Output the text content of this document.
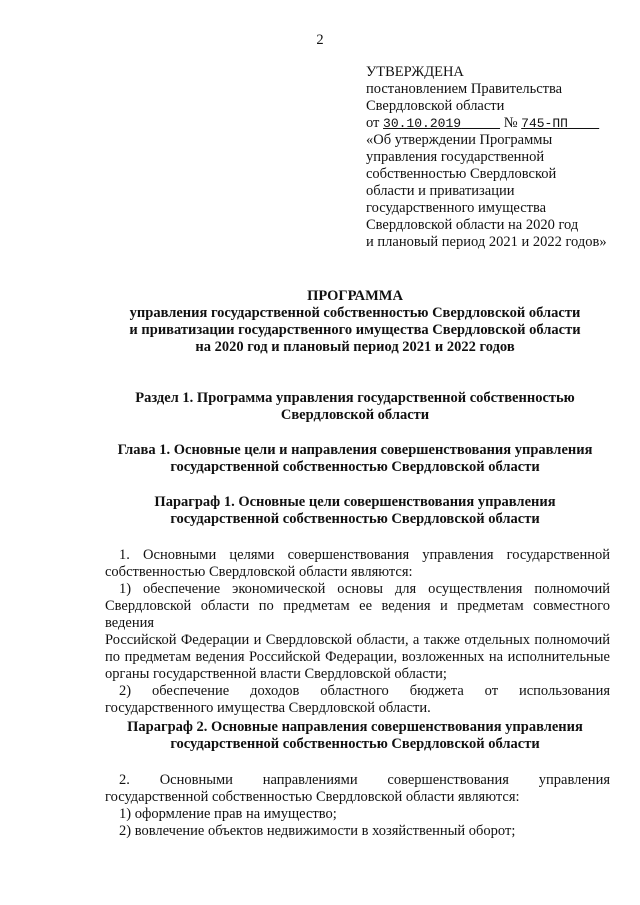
2
УТВЕРЖДЕНА
постановлением Правительства
Свердловской области
от 30.10.2019	№ 745-ПП
«Об утверждении Программы
управления государственной
собственностью Свердловской
области и приватизации
государственного имущества
Свердловской области на 2020 год
и плановый период 2021 и 2022 годов»
ПРОГРАММА
управления государственной собственностью Свердловской области
и приватизации государственного имущества Свердловской области
на 2020 год и плановый период 2021 и 2022 годов
Раздел 1. Программа управления государственной собственностью
Свердловской области
Глава 1. Основные цели и направления совершенствования управления
государственной собственностью Свердловской области
Параграф 1. Основные цели совершенствования управления
государственной собственностью Свердловской области
1. Основными целями совершенствования управления государственной
собственностью Свердловской области являются:
1) обеспечение экономической основы для осуществления полномочий
Свердловской области по предметам ее ведения и предметам совместного ведения
Российской Федерации и Свердловской области, а также отдельных полномочий
по предметам ведения Российской Федерации, возложенных на исполнительные
органы государственной власти Свердловской области;
2) обеспечение доходов областного бюджета от использования
государственного имущества Свердловской области.
Параграф 2. Основные направления совершенствования управления
государственной собственностью Свердловской области
2. Основными направлениями совершенствования управления
государственной собственностью Свердловской области являются:
1) оформление прав на имущество;
2) вовлечение объектов недвижимости в хозяйственный оборот;
